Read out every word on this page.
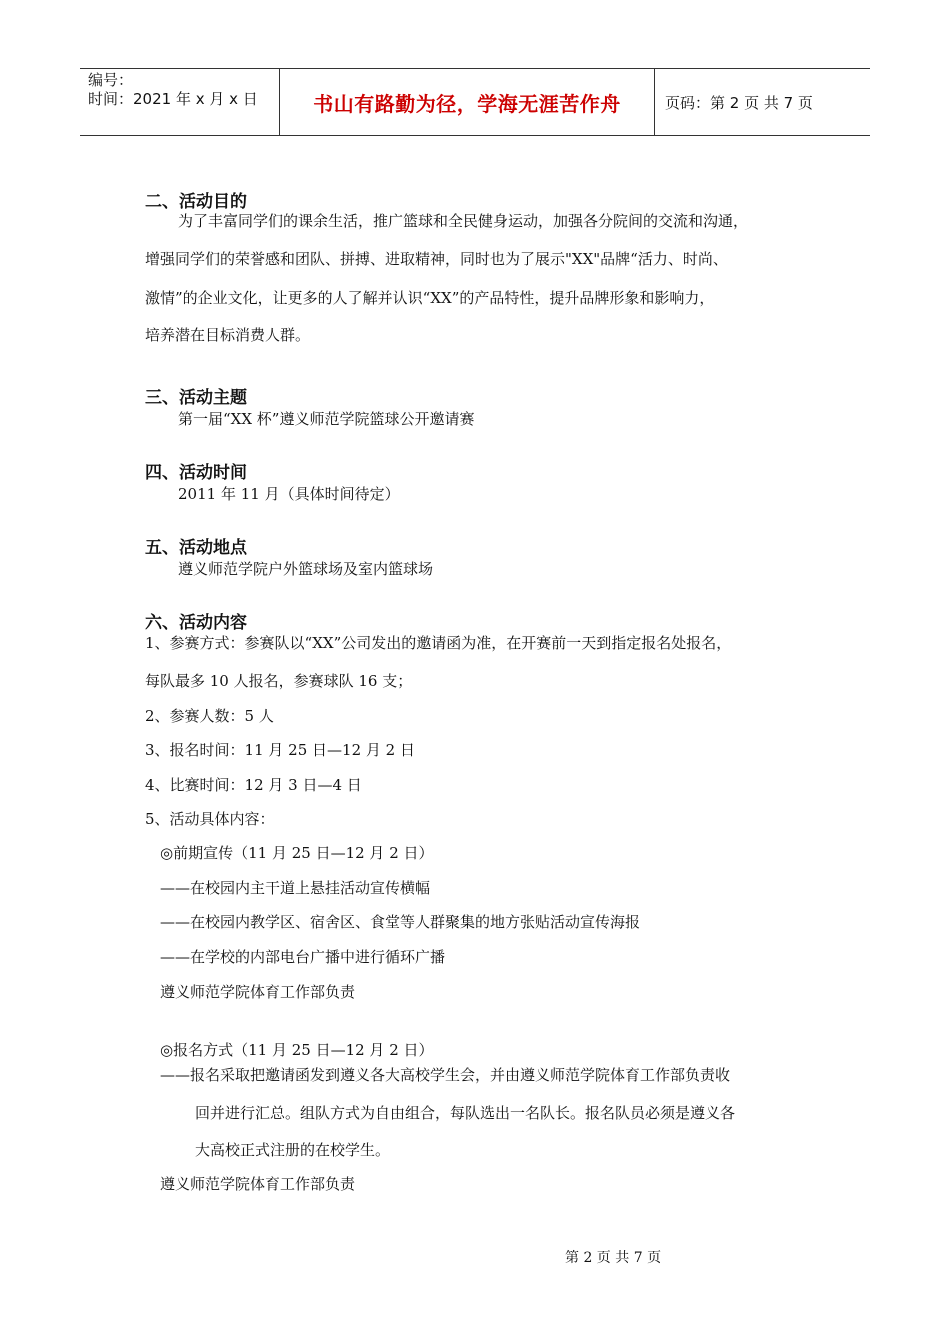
编号：
时间：2021 年 x 月 x 日	书山有路勤为径，学海无涯苦作舟	页码：第 2 页 共 7 页
二、活动目的
为了丰富同学们的课余生活，推广篮球和全民健身运动，加强各分院间的交流和沟通，
增强同学们的荣誉感和团队、拼搏、进取精神，同时也为了展示"XX"品牌“活力、时尚、
激情”的企业文化，让更多的人了解并认识“XX”的产品特性，提升品牌形象和影响力，
培养潜在目标消费人群。
三、活动主题
第一届“XX 杯”遵义师范学院篮球公开邀请赛
四、活动时间
2011 年 11 月（具体时间待定）
五、活动地点
遵义师范学院户外篮球场及室内篮球场
六、活动内容
1、参赛方式：参赛队以“XX”公司发出的邀请函为准，在开赛前一天到指定报名处报名，
每队最多 10 人报名，参赛球队 16 支；
2、参赛人数：5 人
3、报名时间：11 月 25 日—12 月 2 日
4、比赛时间：12 月 3 日—4 日
5、活动具体内容：
◎前期宣传（11 月 25 日—12 月 2 日）
——在校园内主干道上悬挂活动宣传横幅
——在校园内教学区、宿舍区、食堂等人群聚集的地方张贴活动宣传海报
——在学校的内部电台广播中进行循环广播
遵义师范学院体育工作部负责
◎报名方式（11 月 25 日—12 月 2 日）
——报名采取把邀请函发到遵义各大高校学生会，并由遵义师范学院体育工作部负责收
回并进行汇总。组队方式为自由组合，每队选出一名队长。报名队员必须是遵义各
大高校正式注册的在校学生。
遵义师范学院体育工作部负责
第 2 页 共 7 页
